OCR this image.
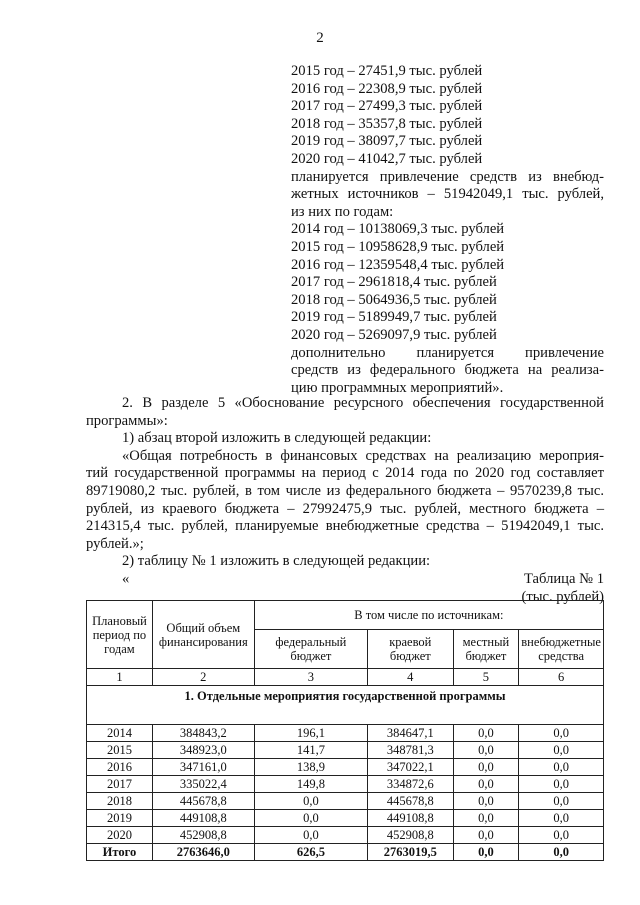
2
2015 год – 27451,9 тыс. рублей
2016 год – 22308,9 тыс. рублей
2017 год – 27499,3 тыс. рублей
2018 год – 35357,8 тыс. рублей
2019 год – 38097,7 тыс. рублей
2020 год – 41042,7 тыс. рублей
планируется привлечение средств из внебюд-
жетных источников – 51942049,1 тыс. рублей,
из них по годам:
2014 год – 10138069,3 тыс. рублей
2015 год – 10958628,9 тыс. рублей
2016 год – 12359548,4 тыс. рублей
2017 год – 2961818,4 тыс. рублей
2018 год – 5064936,5 тыс. рублей
2019 год – 5189949,7 тыс. рублей
2020 год – 5269097,9 тыс. рублей
дополнительно планируется привлечение
средств из федерального бюджета на реализа-
цию программных мероприятий».
2. В разделе 5 «Обоснование ресурсного обеспечения государственной
программы»:
1) абзац второй изложить в следующей редакции:
«Общая потребность в финансовых средствах на реализацию мероприя-
тий государственной программы на период с 2014 года по 2020 год составляет
89719080,2 тыс. рублей, в том числе из федерального бюджета – 9570239,8 тыс.
рублей, из краевого бюджета – 27992475,9 тыс. рублей, местного бюджета –
214315,4 тыс. рублей, планируемые внебюджетные средства – 51942049,1 тыс.
рублей.»;
2) таблицу № 1 изложить в следующей редакции:
«	Таблица № 1
(тыс. рублей)
Плановый период по годам	Общий объем финансирования	В том числе по источникам:			
		федеральный бюджет	краевой бюджет	местный бюджет	внебюджетные средства
1	2	3	4	5	6
1. Отдельные мероприятия государственной программы					

2014	384843,2	196,1	384647,1	0,0	0,0
2015	348923,0	141,7	348781,3	0,0	0,0
2016	347161,0	138,9	347022,1	0,0	0,0
2017	335022,4	149,8	334872,6	0,0	0,0
2018	445678,8	0,0	445678,8	0,0	0,0
2019	449108,8	0,0	449108,8	0,0	0,0
2020	452908,8	0,0	452908,8	0,0	0,0
Итого	2763646,0	626,5	2763019,5	0,0	0,0
